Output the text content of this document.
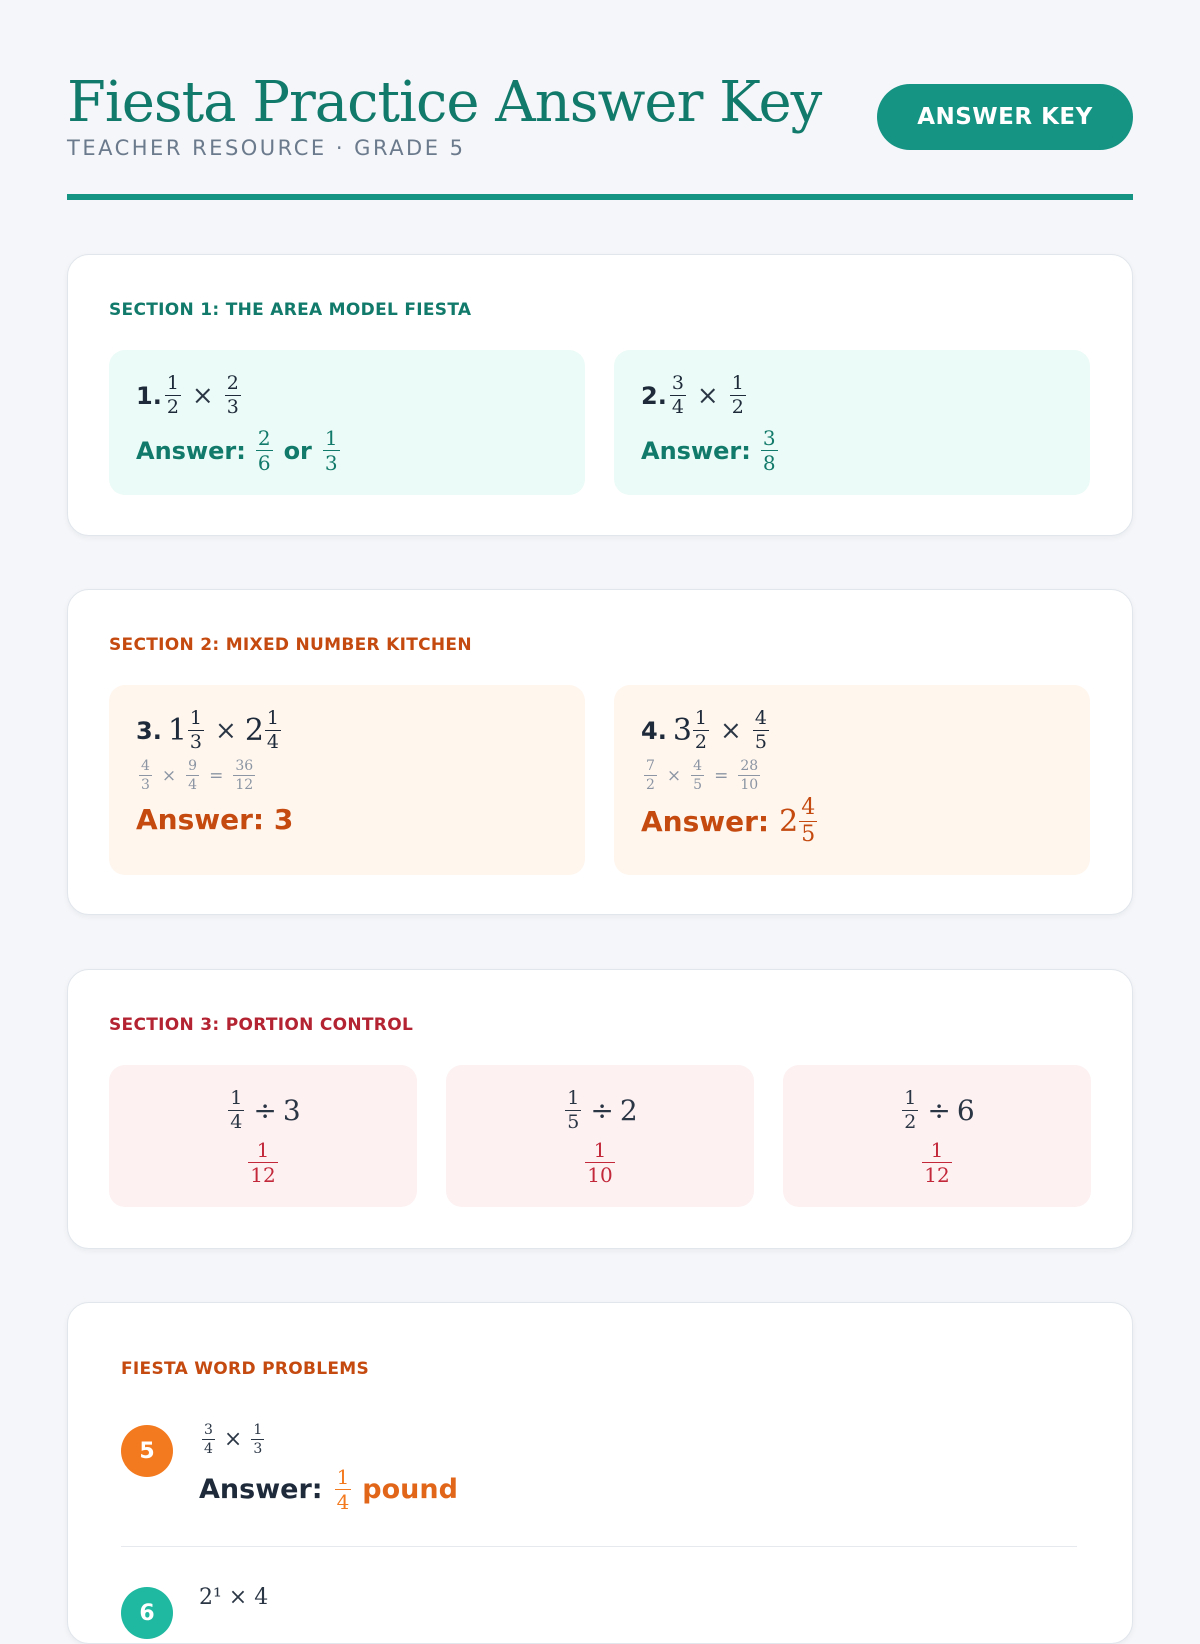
Fiesta Practice Answer Key
TEACHER RESOURCE · GRADE 5
ANSWER KEY
SECTION 1: THE AREA MODEL FIESTA
1. $\frac{1}{2} \times \frac{2}{3}$
Answer: $\frac{2}{6}$ or $\frac{1}{3}$
2. $\frac{3}{4} \times \frac{1}{2}$
Answer: $\frac{3}{8}$
SECTION 2: MIXED NUMBER KITCHEN
3. $1 \frac{1}{3} \times 2 \frac{1}{4}$
$\frac{4}{3} \times \frac{9}{4} = \frac{36}{12}$
Answer: 3
4. $3 \frac{1}{2} \times \frac{4}{5}$
$\frac{7}{2} \times \frac{4}{5} = \frac{28}{10}$
Answer: $2 \frac{4}{5}$
SECTION 3: PORTION CONTROL
$\frac{1}{4} \div 3$
$\frac{1}{12}$
$\frac{1}{5} \div 2$
$\frac{1}{10}$
$\frac{1}{2} \div 6$
$\frac{1}{12}$
FIESTA WORD PROBLEMS
5	$\frac{3}{4} \times \frac{1}{3}$
Answer: $\frac{1}{4}$ pound
6
2¹ × 4
